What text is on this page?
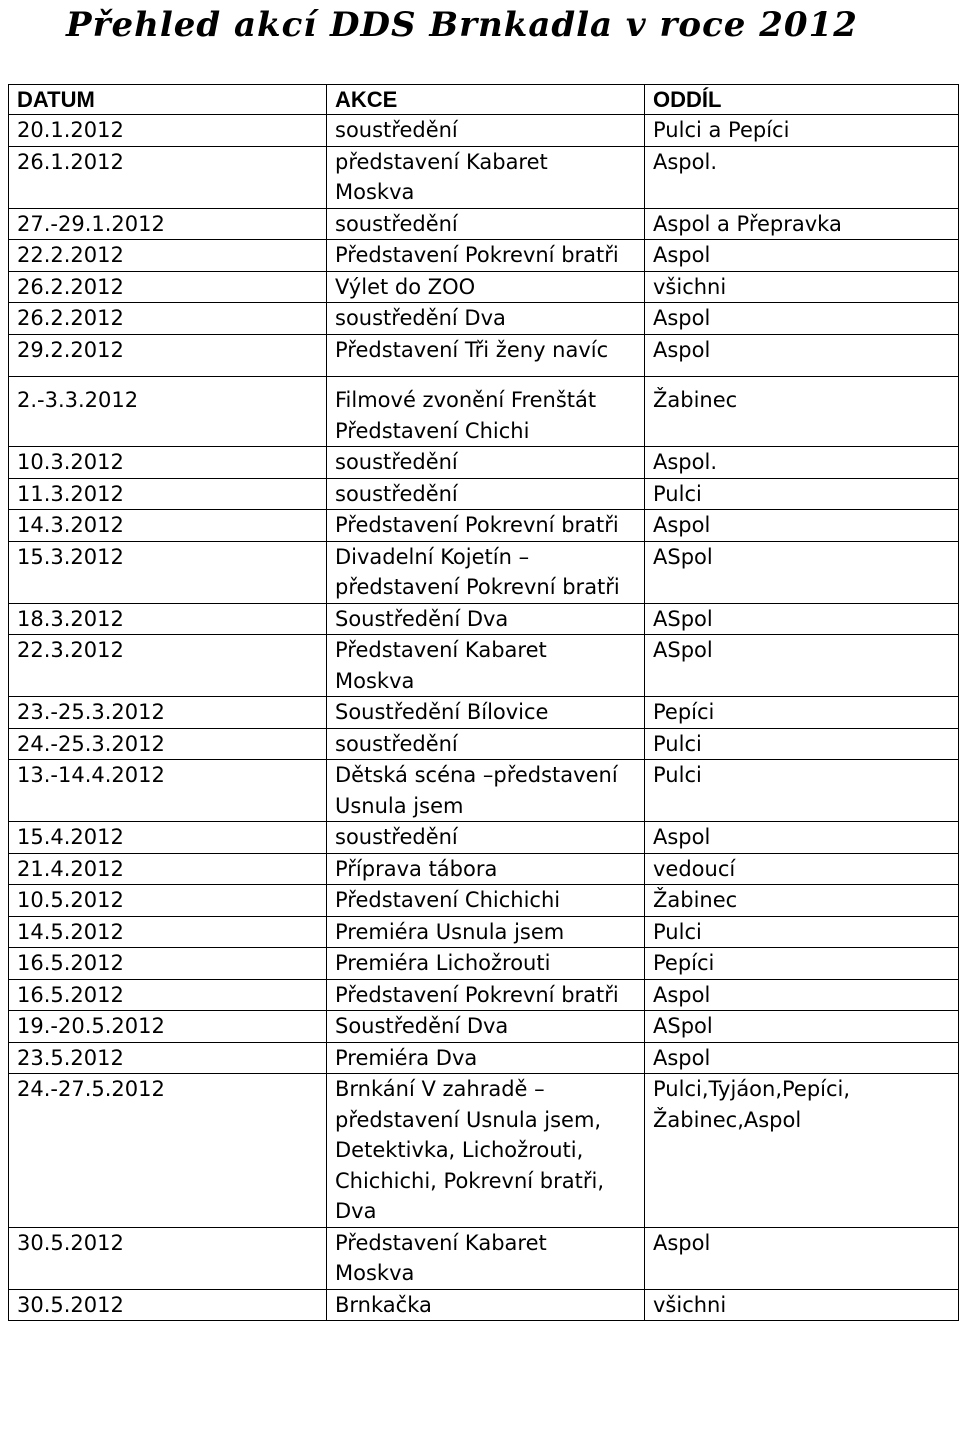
Přehled akcí DDS Brnkadla v roce 2012
DATUM	AKCE	ODDÍL
20.1.2012	soustředění	Pulci a Pepíci
26.1.2012	představení Kabaret Moskva	Aspol.
27.-29.1.2012	soustředění	Aspol a Přepravka
22.2.2012	Představení Pokrevní bratři	Aspol
26.2.2012	Výlet do ZOO	všichni
26.2.2012	soustředění Dva	Aspol
29.2.2012	Představení Tři ženy navíc	Aspol
2.-3.3.2012	Filmové zvonění Frenštát Představení Chichi	Žabinec
10.3.2012	soustředění	Aspol.
11.3.2012	soustředění	Pulci
14.3.2012	Představení Pokrevní bratři	Aspol
15.3.2012	Divadelní Kojetín – představení Pokrevní bratři	ASpol
18.3.2012	Soustředění Dva	ASpol
22.3.2012	Představení Kabaret Moskva	ASpol
23.-25.3.2012	Soustředění Bílovice	Pepíci
24.-25.3.2012	soustředění	Pulci
13.-14.4.2012	Dětská scéna –představení Usnula jsem	Pulci
15.4.2012	soustředění	Aspol
21.4.2012	Příprava tábora	vedoucí
10.5.2012	Představení Chichichi	Žabinec
14.5.2012	Premiéra Usnula jsem	Pulci
16.5.2012	Premiéra Lichožrouti	Pepíci
16.5.2012	Představení Pokrevní bratři	Aspol
19.-20.5.2012	Soustředění Dva	ASpol
23.5.2012	Premiéra Dva	Aspol
24.-27.5.2012	Brnkání V zahradě – představení Usnula jsem, Detektivka, Lichožrouti, Chichichi, Pokrevní bratři, Dva	Pulci,Tyjáon,Pepíci, Žabinec,Aspol
30.5.2012	Představení Kabaret Moskva	Aspol
30.5.2012	Brnkačka	všichni
